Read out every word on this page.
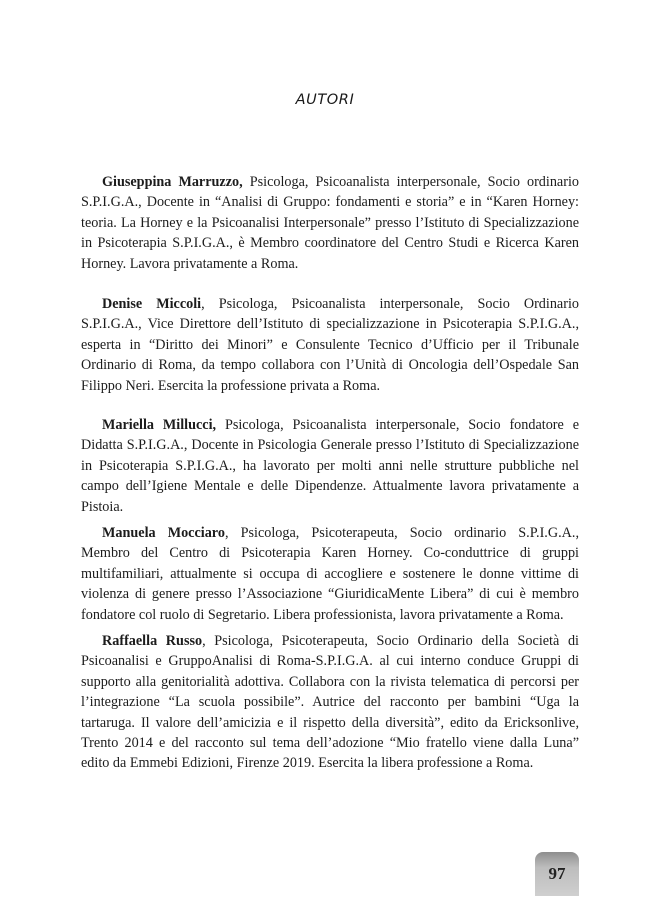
AUTORI

Giuseppina Marruzzo, Psicologa, Psicoanalista interpersonale, Socio ordinario S.P.I.G.A., Docente in “Analisi di Gruppo: fondamenti e storia” e in “Karen Horney: teoria. La Horney e la Psicoanalisi Interpersonale” presso l’Istituto di Specializzazione in Psicoterapia S.P.I.G.A., è Membro coordinatore del Centro Studi e Ricerca Karen Horney. Lavora privatamente a Roma.

Denise Miccoli, Psicologa, Psicoanalista interpersonale, Socio Ordinario S.P.I.G.A., Vice Direttore dell’Istituto di specializzazione in Psicoterapia S.P.I.G.A., esperta in “Diritto dei Minori” e Consulente Tecnico d’Ufficio per il Tribunale Ordinario di Roma, da tempo collabora con l’Unità di Oncologia dell’Ospedale San Filippo Neri. Esercita la professione privata a Roma.

Mariella Millucci, Psicologa, Psicoanalista interpersonale, Socio fondatore e Didatta S.P.I.G.A., Docente in Psicologia Generale presso l’Istituto di Specializzazione in Psicoterapia S.P.I.G.A., ha lavorato per molti anni nelle strutture pubbliche nel campo dell’Igiene Mentale e delle Dipendenze. Attualmente lavora privatamente a Pistoia.

Manuela Mocciaro, Psicologa, Psicoterapeuta, Socio ordinario S.P.I.G.A., Membro del Centro di Psicoterapia Karen Horney. Co-conduttrice di gruppi multifamiliari, attualmente si occupa di accogliere e sostenere le donne vittime di violenza di genere presso l’Associazione “GiuridicaMente Libera” di cui è membro fondatore col ruolo di Segretario. Libera professionista, lavora privatamente a Roma.

Raffaella Russo, Psicologa, Psicoterapeuta, Socio Ordinario della Società di Psicoanalisi e GruppoAnalisi di Roma-S.P.I.G.A. al cui interno conduce Gruppi di supporto alla genitorialità adottiva. Collabora con la rivista telematica di percorsi per l’integrazione “La scuola possibile”. Autrice del racconto per bambini “Uga la tartaruga. Il valore dell’amicizia e il rispetto della diversità”, edito da Ericksonlive, Trento 2014 e del racconto sul tema dell’adozione “Mio fratello viene dalla Luna” edito da Emmebi Edizioni, Firenze 2019. Esercita la libera professione a Roma.

97
